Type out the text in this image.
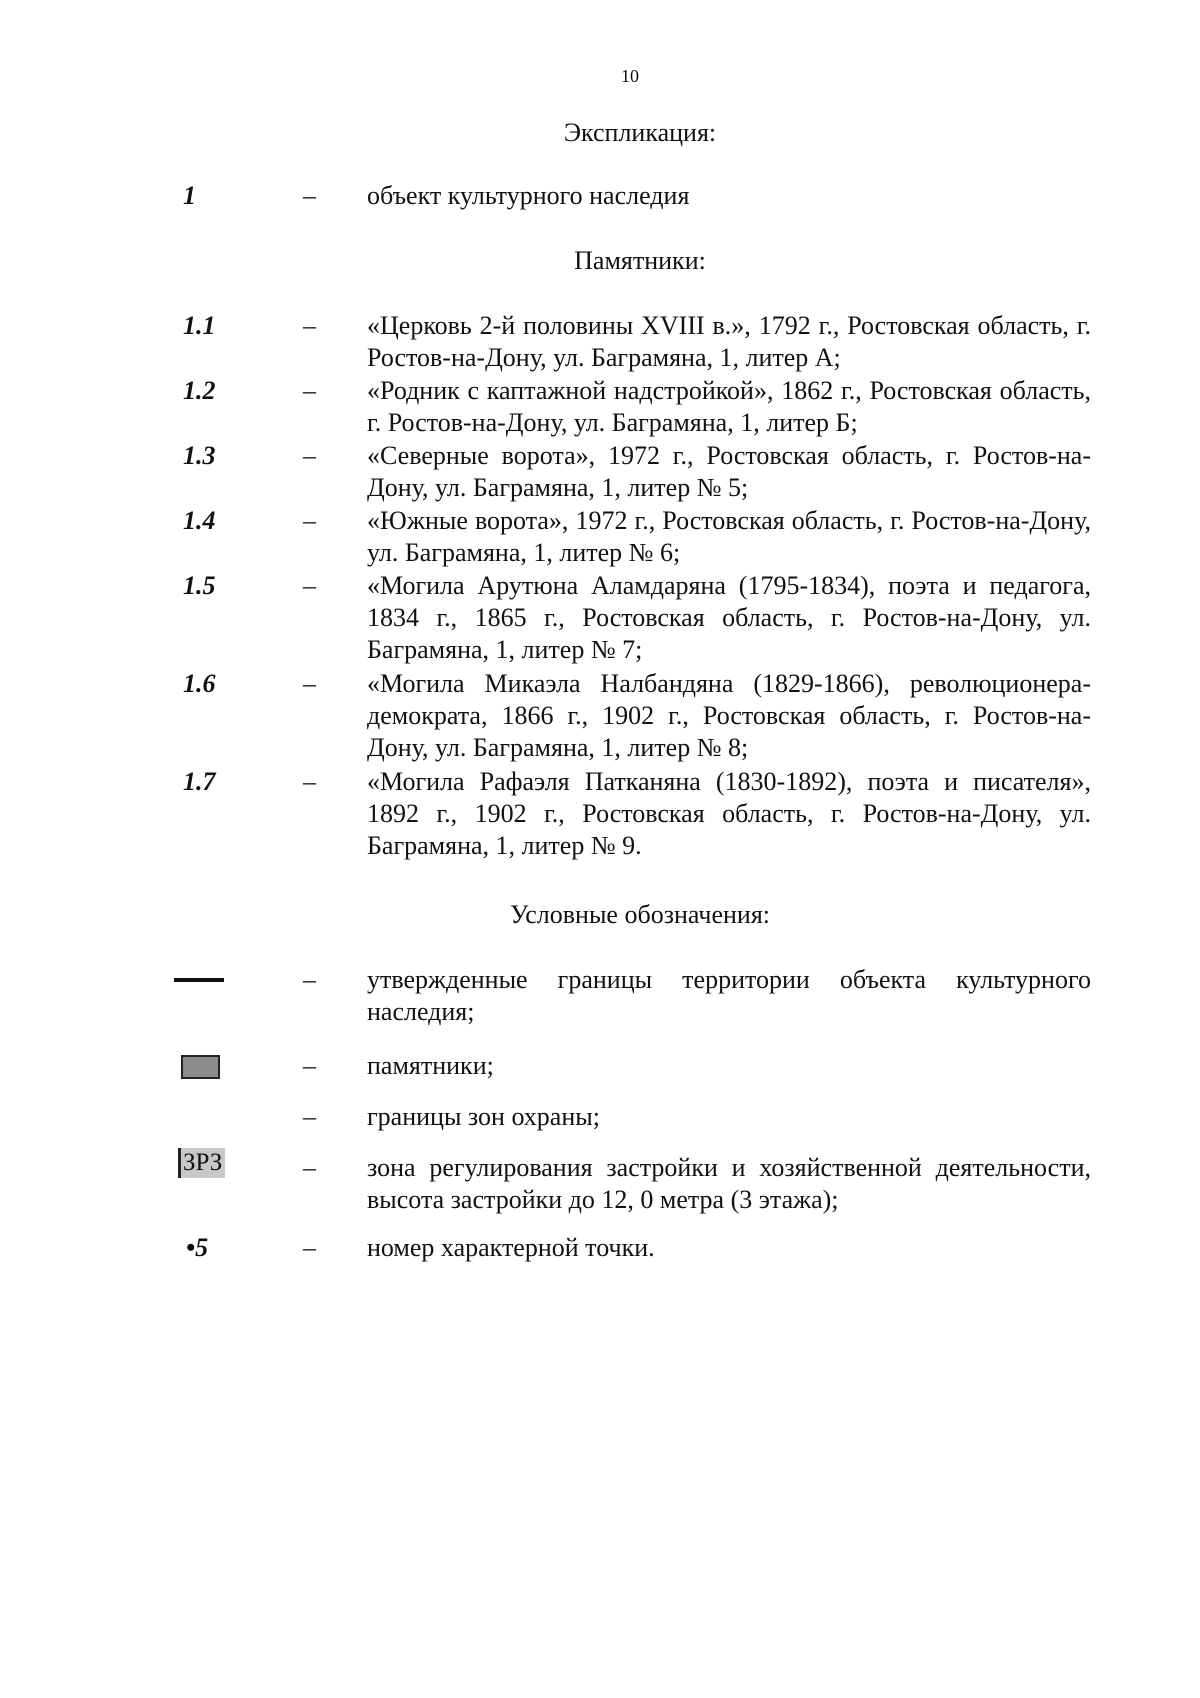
10
Экспликация:
1	– объект культурного наследия
Памятники:
1.1	– «Церковь 2-й половины XVIII в.», 1792 г., Ростовская область, г. Ростов-на-Дону, ул. Баграмяна, 1, литер А;
1.2	– «Родник с каптажной надстройкой», 1862 г., Ростовская область, г. Ростов-на-Дону, ул. Баграмяна, 1, литер Б;
1.3	– «Северные ворота», 1972 г., Ростовская область, г. Ростов-на-Дону, ул. Баграмяна, 1, литер № 5;
1.4	– «Южные ворота», 1972 г., Ростовская область, г. Ростов-на-Дону, ул. Баграмяна, 1, литер № 6;
1.5	– «Могила Арутюна Аламдаряна (1795-1834), поэта и педагога, 1834 г., 1865 г., Ростовская область, г. Ростов-на-Дону, ул. Баграмяна, 1, литер № 7;
1.6	– «Могила Микаэла Налбандяна (1829-1866), революционера-демократа, 1866 г., 1902 г., Ростовская область, г. Ростов-на-Дону, ул. Баграмяна, 1, литер № 8;
1.7	– «Могила Рафаэля Патканяна (1830-1892), поэта и писателя», 1892 г., 1902 г., Ростовская область, г. Ростов-на-Дону, ул. Баграмяна, 1, литер № 9.
Условные обозначения:
– утвержденные границы территории объекта культурного наследия;
– памятники;
– границы зон охраны;
ЗРЗ	– зона регулирования застройки и хозяйственной деятельности, высота застройки до 12, 0 метра (3 этажа);
•5	– номер характерной точки.
